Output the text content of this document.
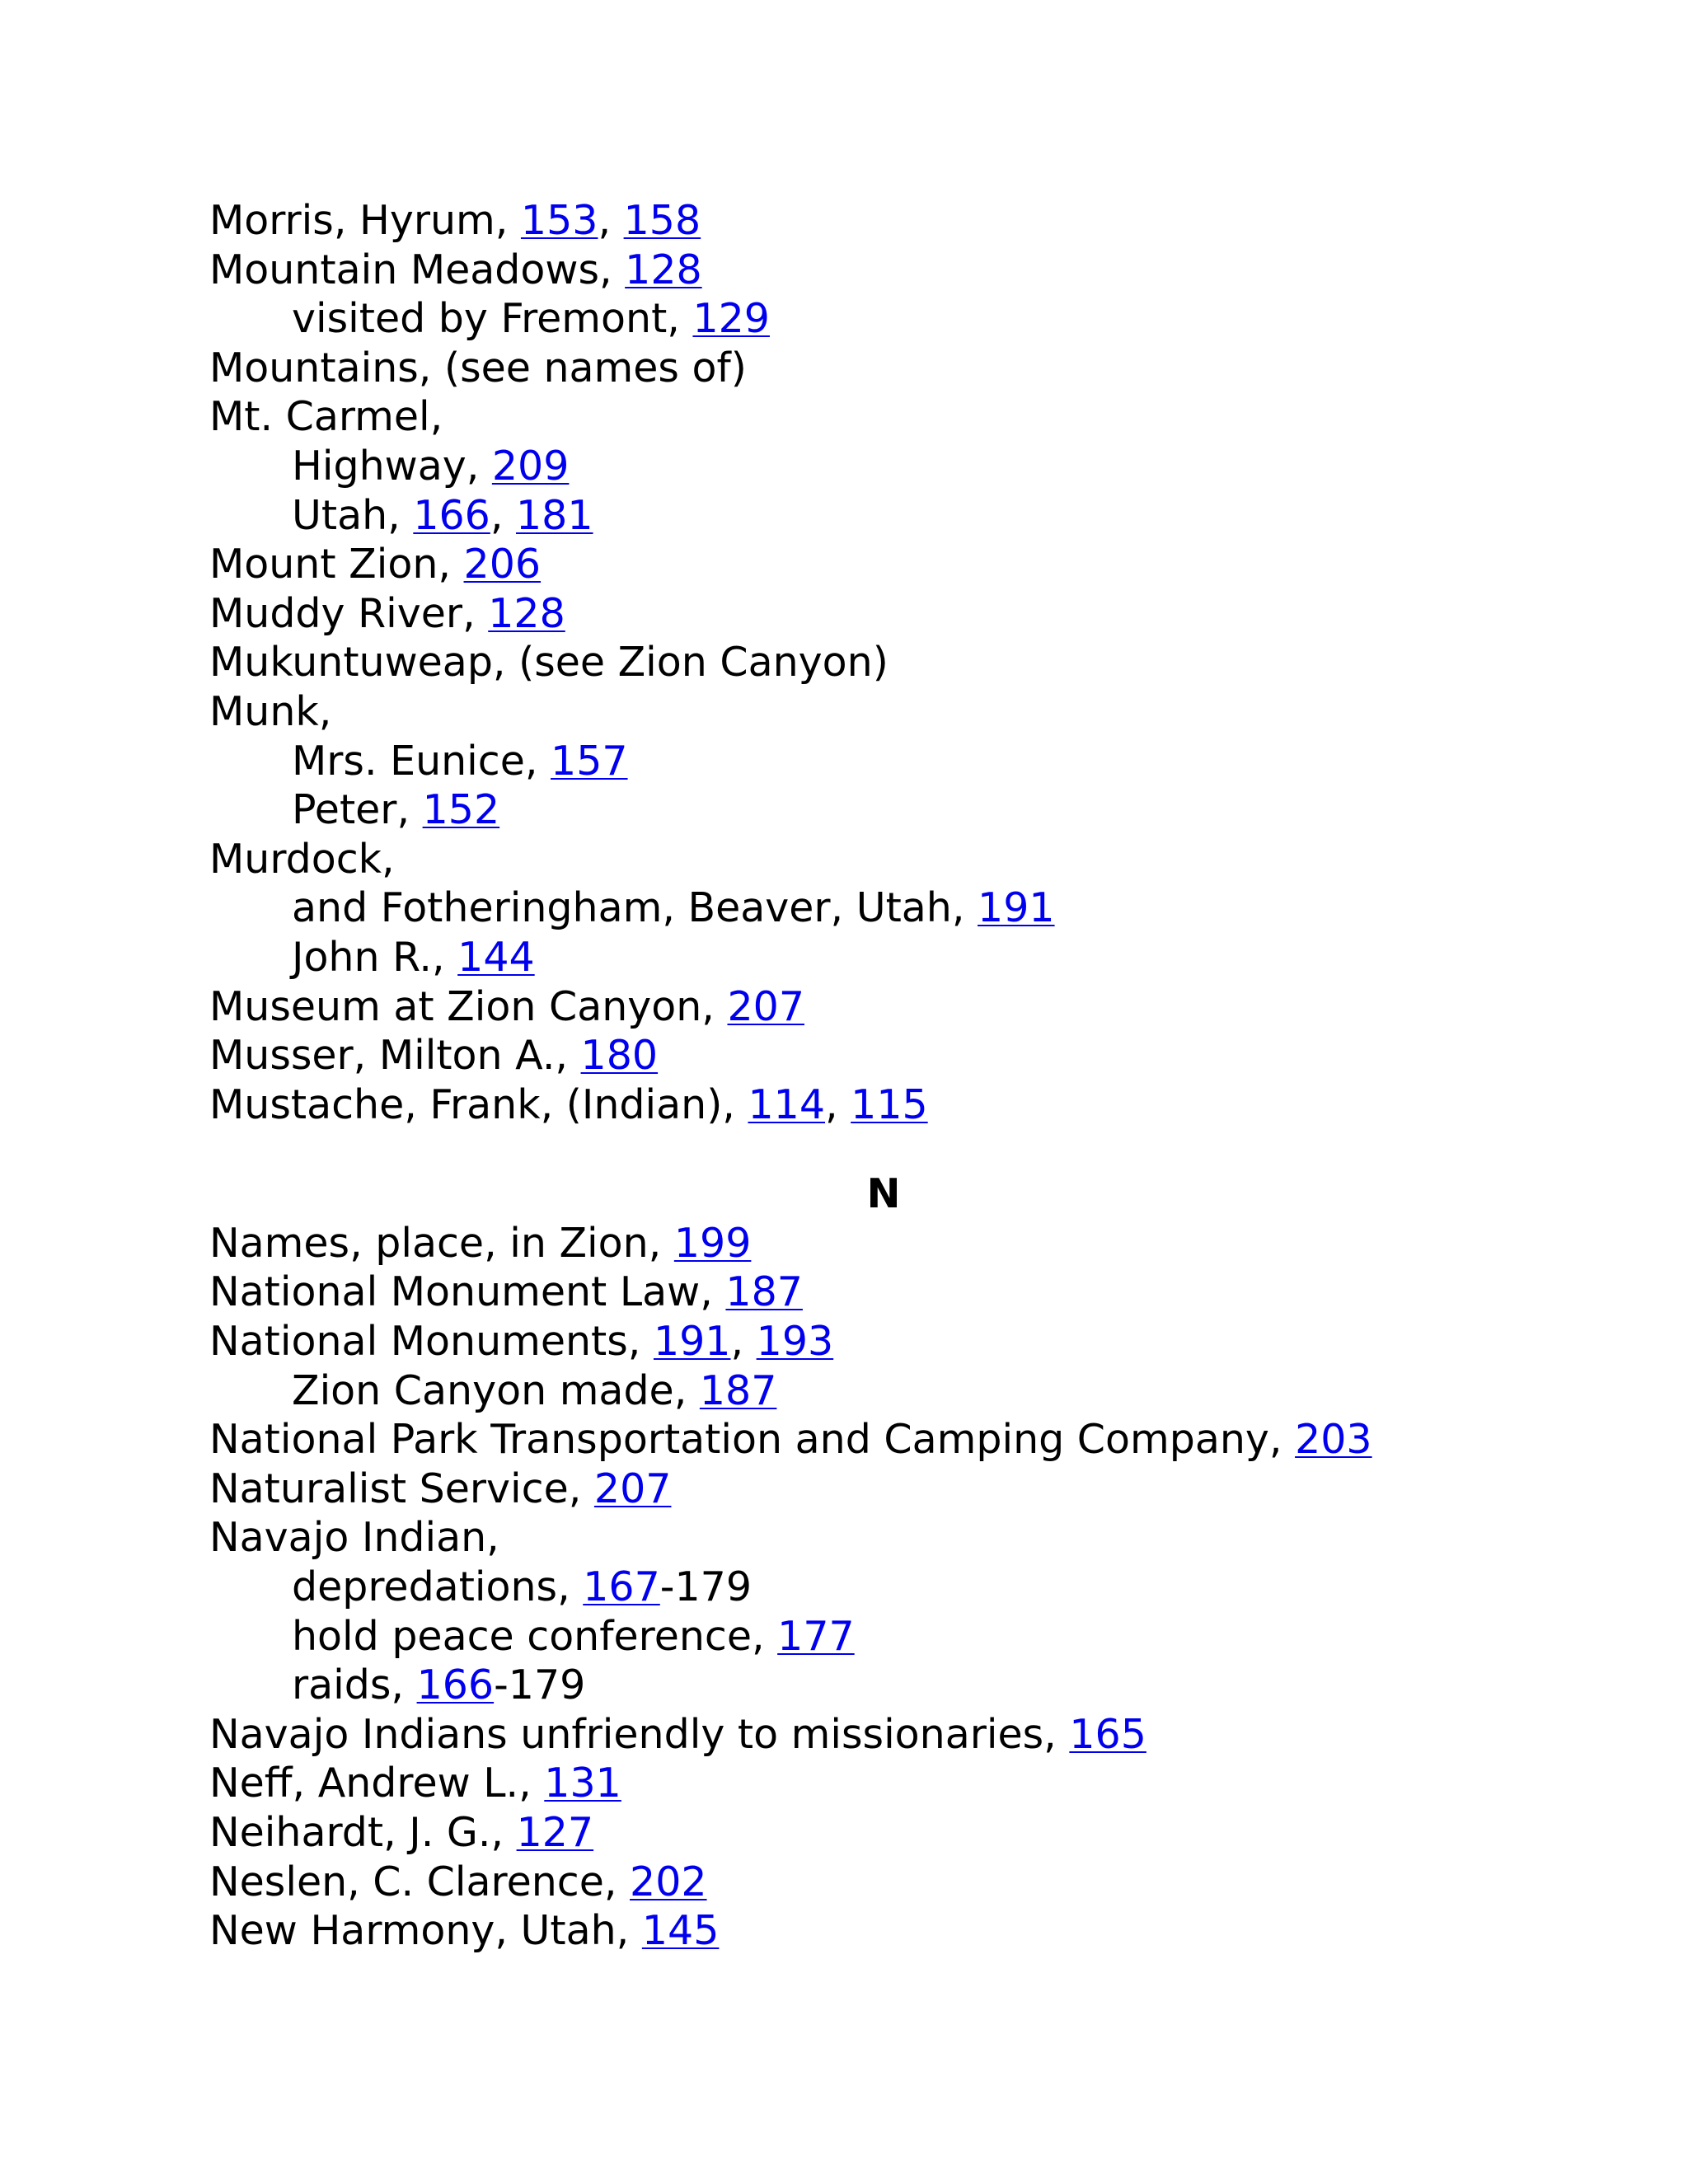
Morris, Hyrum, 153, 158
Mountain Meadows, 128
visited by Fremont, 129
Mountains, (see names of)
Mt. Carmel,
Highway, 209
Utah, 166, 181
Mount Zion, 206
Muddy River, 128
Mukuntuweap, (see Zion Canyon)
Munk,
Mrs. Eunice, 157
Peter, 152
Murdock,
and Fotheringham, Beaver, Utah, 191
John R., 144
Museum at Zion Canyon, 207
Musser, Milton A., 180
Mustache, Frank, (Indian), 114, 115
N
Names, place, in Zion, 199
National Monument Law, 187
National Monuments, 191, 193
Zion Canyon made, 187
National Park Transportation and Camping Company, 203
Naturalist Service, 207
Navajo Indian,
depredations, 167-179
hold peace conference, 177
raids, 166-179
Navajo Indians unfriendly to missionaries, 165
Neff, Andrew L., 131
Neihardt, J. G., 127
Neslen, C. Clarence, 202
New Harmony, Utah, 145
